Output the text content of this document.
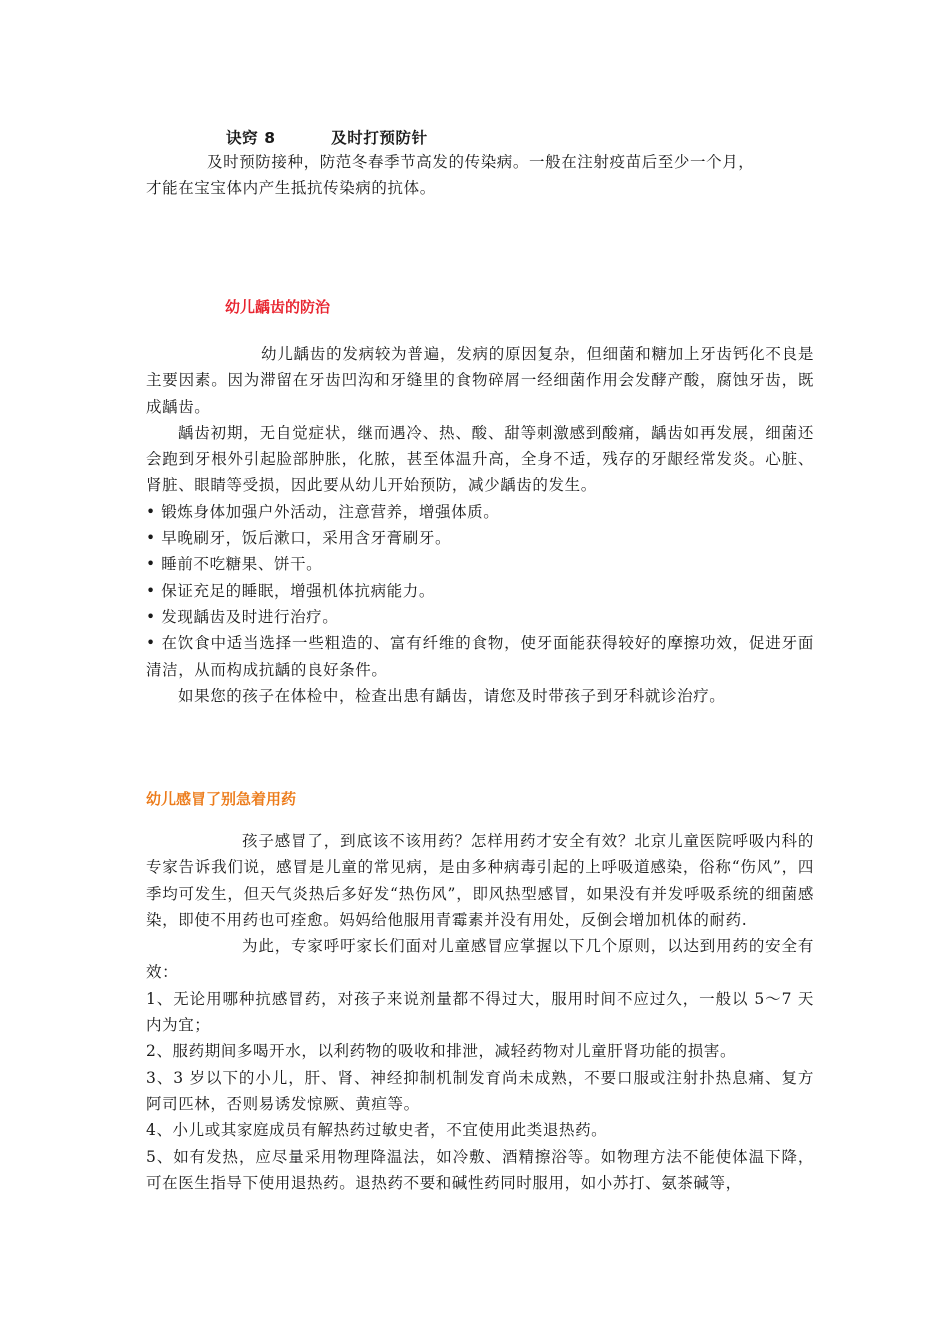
诀窍 8	及时打预防针
及时预防接种，防范冬春季节高发的传染病。一般在注射疫苗后至少一个月，
才能在宝宝体内产生抵抗传染病的抗体。
幼儿龋齿的防治

幼儿龋齿的发病较为普遍，发病的原因复杂，但细菌和糖加上牙齿钙化不良是主要因素。因为滞留在牙齿凹沟和牙缝里的食物碎屑一经细菌作用会发酵产酸，腐蚀牙齿，既成龋齿。

龋齿初期，无自觉症状，继而遇冷、热、酸、甜等刺激感到酸痛，龋齿如再发展，细菌还会跑到牙根外引起脸部肿胀，化脓，甚至体温升高，全身不适，残存的牙龈经常发炎。心脏、肾脏、眼睛等受损，因此要从幼儿开始预防，减少龋齿的发生。

• 锻炼身体加强户外活动，注意营养，增强体质。

• 早晚刷牙，饭后漱口，采用含牙膏刷牙。

• 睡前不吃糖果、饼干。

• 保证充足的睡眠，增强机体抗病能力。

• 发现龋齿及时进行治疗。

• 在饮食中适当选择一些粗造的、富有纤维的食物，使牙面能获得较好的摩擦功效，促进牙面清洁，从而构成抗龋的良好条件。

如果您的孩子在体检中，检查出患有龋齿，请您及时带孩子到牙科就诊治疗。

幼儿感冒了别急着用药

孩子感冒了，到底该不该用药？怎样用药才安全有效？北京儿童医院呼吸内科的专家告诉我们说，感冒是儿童的常见病，是由多种病毒引起的上呼吸道感染，俗称“伤风”，四季均可发生，但天气炎热后多好发“热伤风”，即风热型感冒，如果没有并发呼吸系统的细菌感染，即使不用药也可痊愈。妈妈给他服用青霉素并没有用处，反倒会增加机体的耐药.

为此，专家呼吁家长们面对儿童感冒应掌握以下几个原则，以达到用药的安全有效：

1、无论用哪种抗感冒药，对孩子来说剂量都不得过大，服用时间不应过久，一般以 5～7 天内为宜；

2、服药期间多喝开水，以利药物的吸收和排泄，减轻药物对儿童肝肾功能的损害。

3、3 岁以下的小儿，肝、肾、神经抑制机制发育尚未成熟，不要口服或注射扑热息痛、复方阿司匹林，否则易诱发惊厥、黄疸等。

4、小儿或其家庭成员有解热药过敏史者，不宜使用此类退热药。

5、如有发热，应尽量采用物理降温法，如冷敷、酒精擦浴等。如物理方法不能使体温下降，可在医生指导下使用退热药。退热药不要和碱性药同时服用，如小苏打、氨茶碱等，
